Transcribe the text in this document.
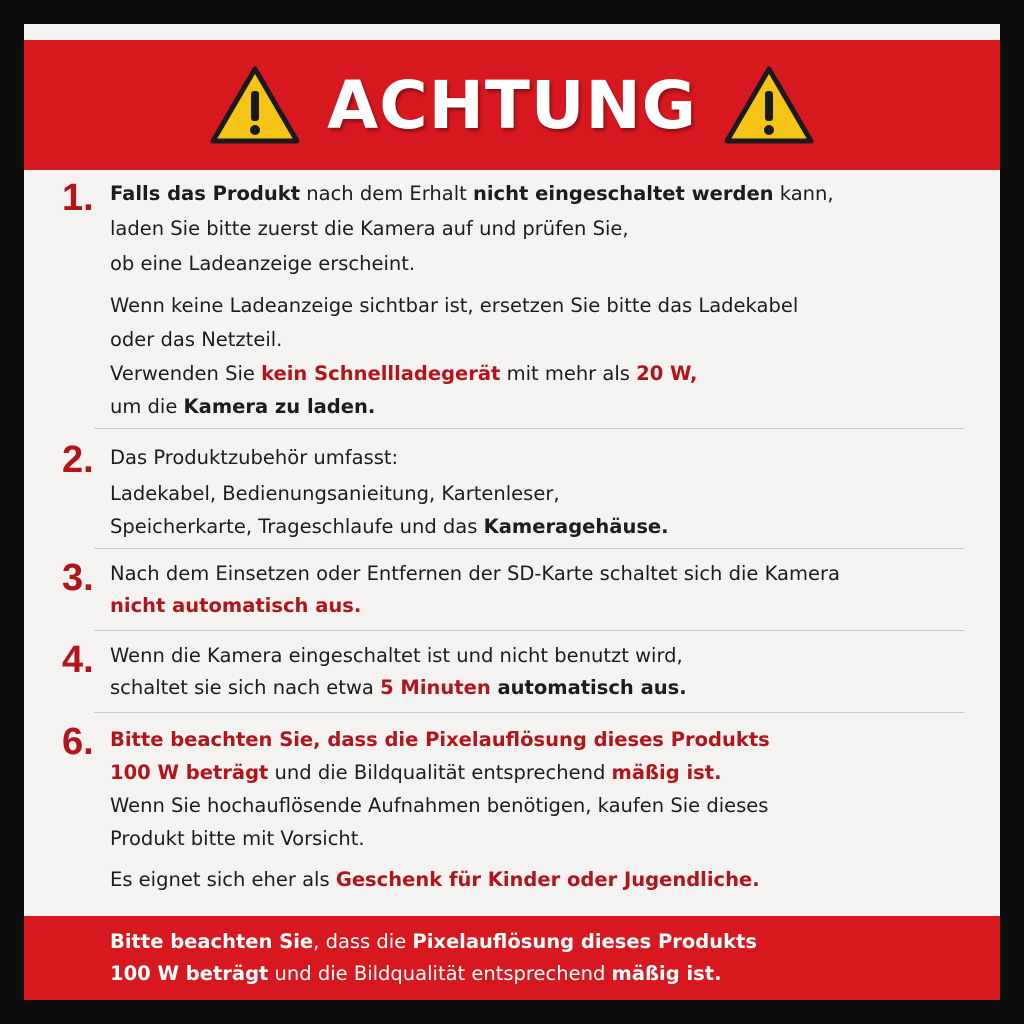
ACHTUNG
1. Falls das Produkt nach dem Erhalt nicht eingeschaltet werden kann,
laden Sie bitte zuerst die Kamera auf und prüfen Sie,
ob eine Ladeanzeige erscheint.
Wenn keine Ladeanzeige sichtbar ist, ersetzen Sie bitte das Ladekabel
oder das Netzteil.
Verwenden Sie kein Schnellladegerät mit mehr als 20 W,
um die Kamera zu laden.
2. Das Produktzubehör umfasst:
Ladekabel, Bedienungsanieitung, Kartenleser,
Speicherkarte, Trageschlaufe und das Kameragehäuse.
3. Nach dem Einsetzen oder Entfernen der SD-Karte schaltet sich die Kamera
nicht automatisch aus.
4. Wenn die Kamera eingeschaltet ist und nicht benutzt wird,
schaltet sie sich nach etwa 5 Minuten automatisch aus.
6. Bitte beachten Sie, dass die Pixelauflösung dieses Produkts
100 W beträgt und die Bildqualität entsprechend mäßig ist.
Wenn Sie hochauflösende Aufnahmen benötigen, kaufen Sie dieses
Produkt bitte mit Vorsicht.
Es eignet sich eher als Geschenk für Kinder oder Jugendliche.
Bitte beachten Sie, dass die Pixelauflösung dieses Produkts
100 W beträgt und die Bildqualität entsprechend mäßig ist.
